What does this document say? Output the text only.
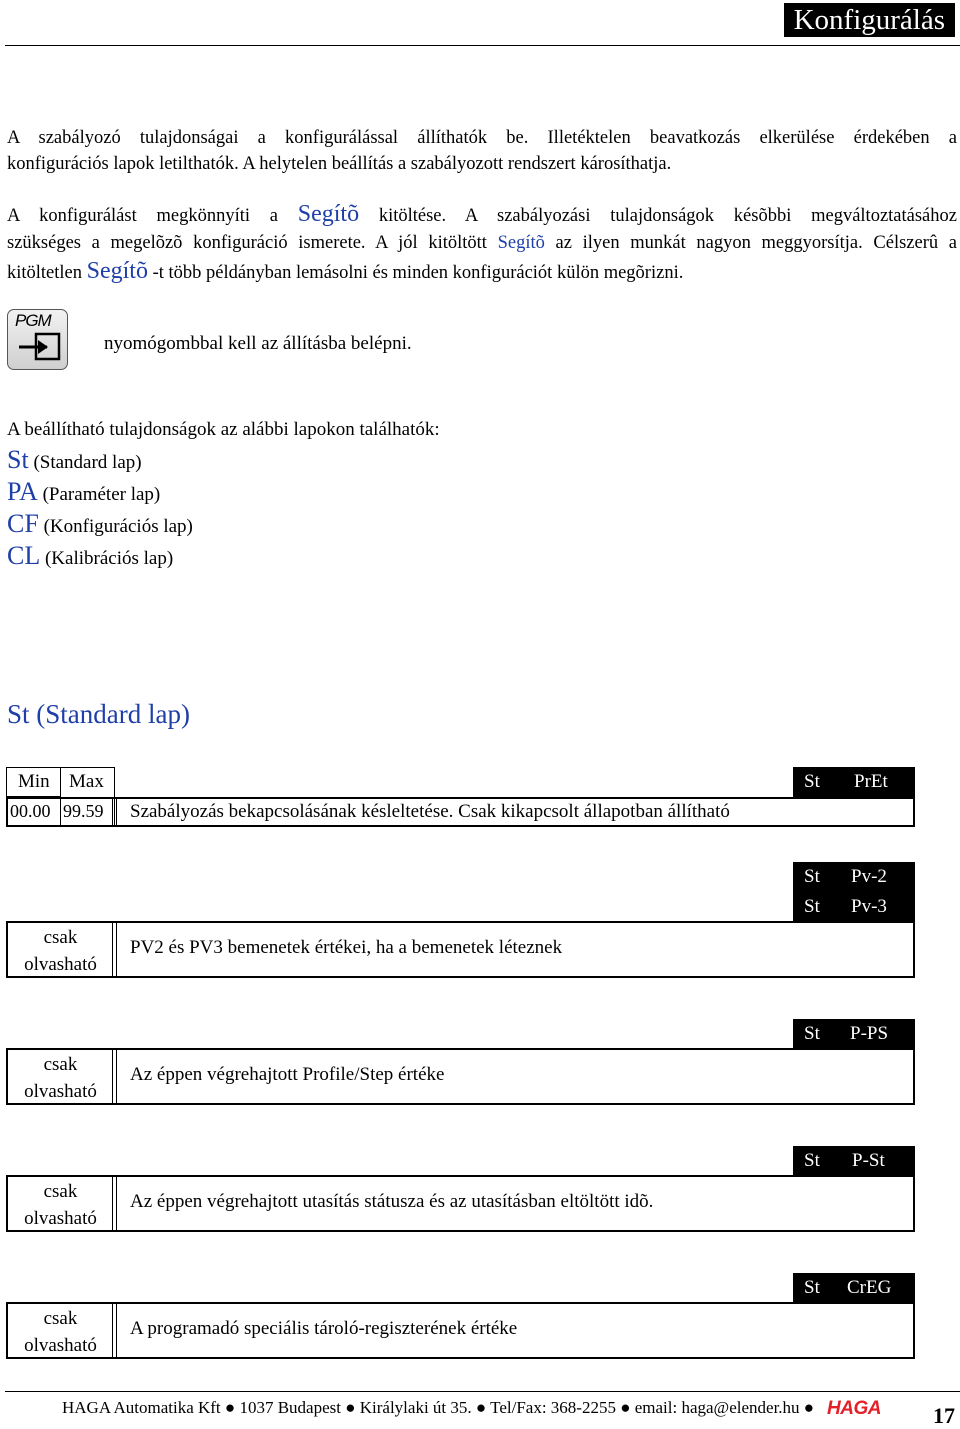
Konfigurálás
A szabályozó tulajdonságai a konfigurálással állíthatók be. Illetéktelen beavatkozás elkerülése érdekében a
konfigurációs lapok letilthatók. A helytelen beállítás a szabályozott rendszert károsíthatja.
A konfigurálást megkönnyíti a Segítõ kitöltése. A szabályozási tulajdonságok késõbbi megváltoztatásához
szükséges a megelõzõ konfiguráció ismerete. A jól kitöltött Segítõ az ilyen munkát nagyon meggyorsítja. Célszerû a
kitöltetlen Segítõ -t több példányban lemásolni és minden konfigurációt külön megõrizni.
PGM
nyomógombbal kell az állításba belépni.
A beállítható tulajdonságok az alábbi lapokon találhatók:
St (Standard lap)
PA (Paraméter lap)
CF (Konfigurációs lap)
CL (Kalibrációs lap)
St (Standard lap)
Min Max
00.00 99.59 Szabályozás bekapcsolásának késleltetése. Csak kikapcsolt állapotban állítható
St PrEt
St Pv-2
St Pv-3
csak
olvasható
PV2 és PV3 bemenetek értékei, ha a bemenetek léteznek
St P-PS
csak
olvasható
Az éppen végrehajtott Profile/Step értéke
St P-St
csak
olvasható
Az éppen végrehajtott utasítás státusza és az utasításban eltöltött idõ.
St CrEG
csak
olvasható
A programadó speciális tároló-regiszterének értéke
HAGA Automatika Kft ● 1037 Budapest ● Királylaki út 35. ● Tel/Fax: 368-2255 ● email: haga@elender.hu ● HAGA 17
